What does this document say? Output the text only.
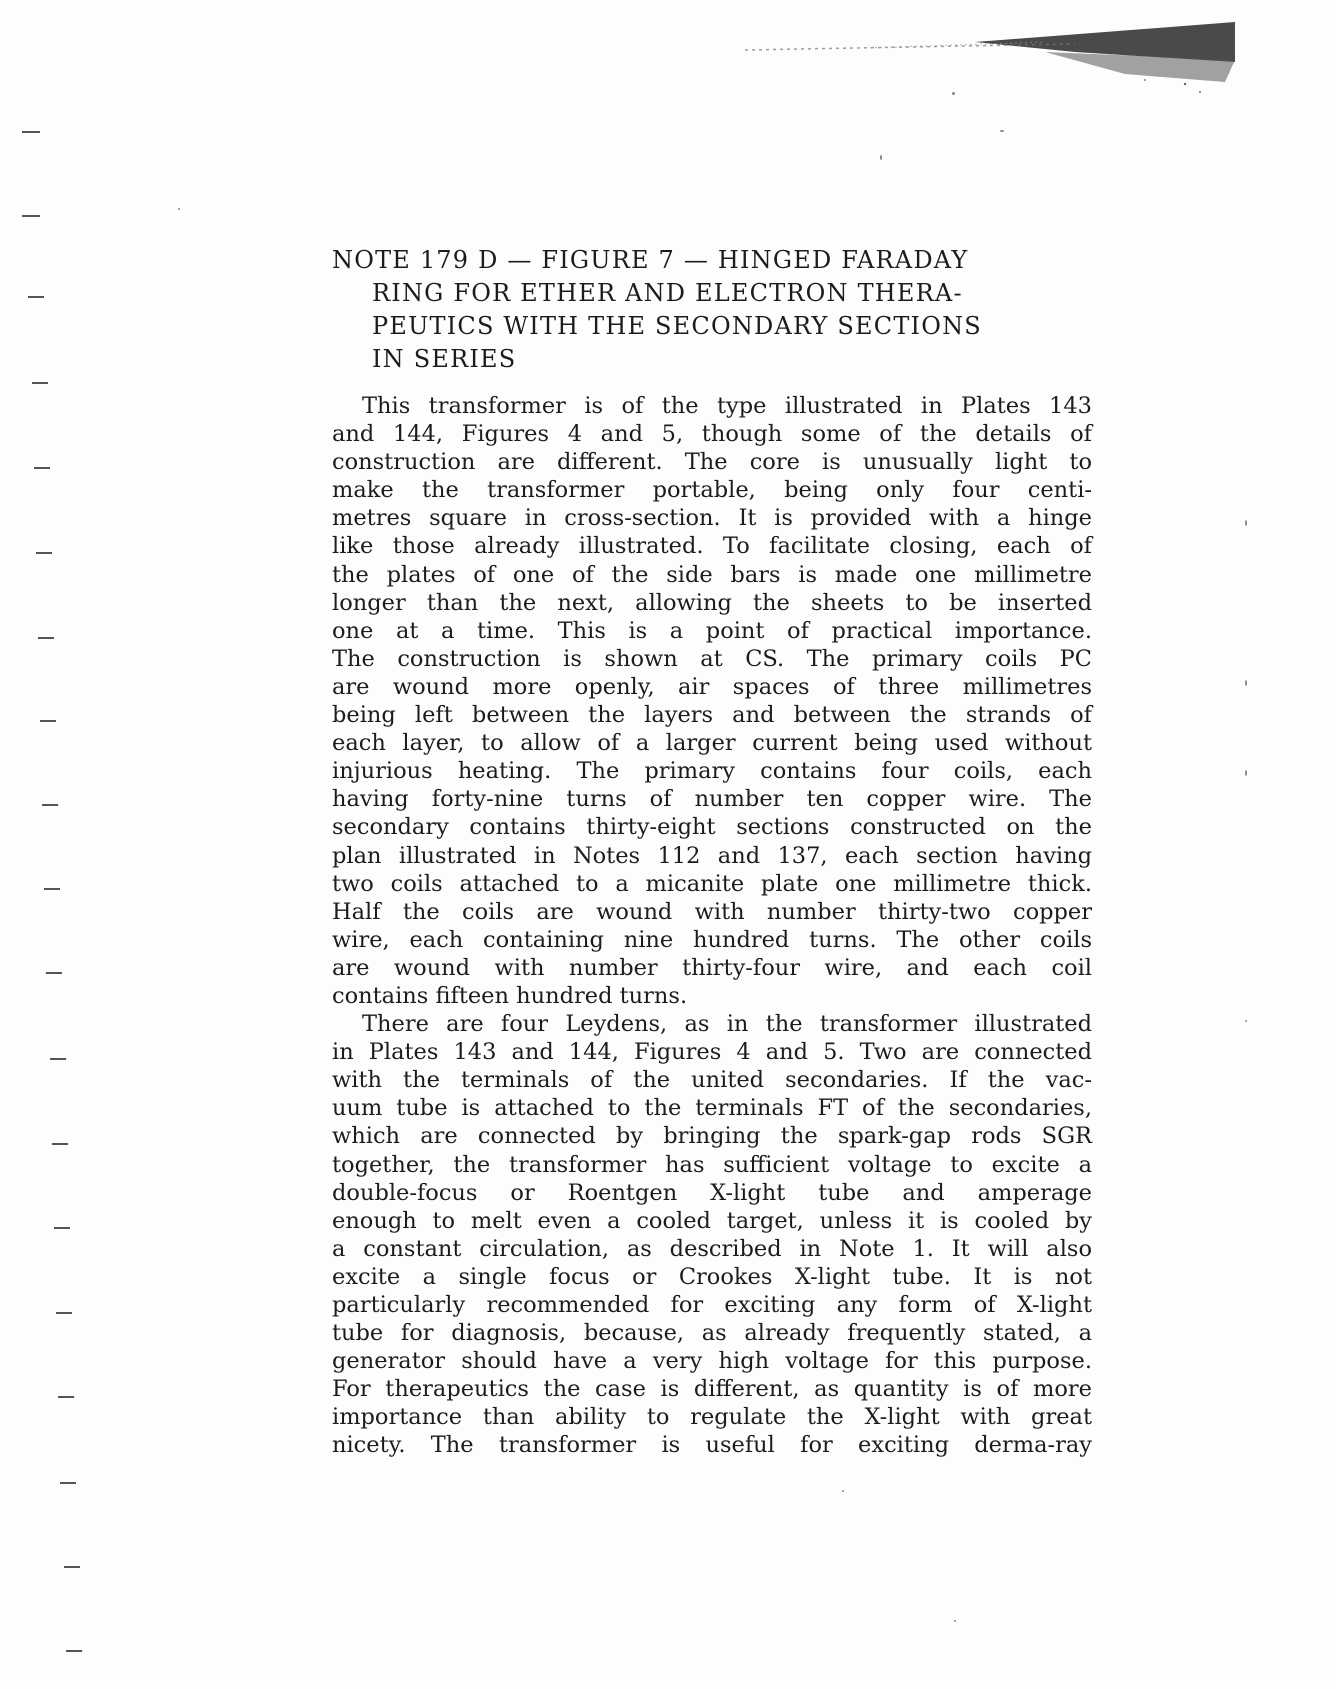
NOTE 179 D — FIGURE 7 — HINGED FARADAY
RING FOR ETHER AND ELECTRON THERA-
PEUTICS WITH THE SECONDARY SECTIONS
IN SERIES

This transformer is of the type illustrated in Plates 143
and 144, Figures 4 and 5, though some of the details of
construction are different. The core is unusually light to
make the transformer portable, being only four centi-
metres square in cross-section. It is provided with a hinge
like those already illustrated. To facilitate closing, each of
the plates of one of the side bars is made one millimetre
longer than the next, allowing the sheets to be inserted
one at a time. This is a point of practical importance.
The construction is shown at CS. The primary coils PC
are wound more openly, air spaces of three millimetres
being left between the layers and between the strands of
each layer, to allow of a larger current being used without
injurious heating. The primary contains four coils, each
having forty-nine turns of number ten copper wire. The
secondary contains thirty-eight sections constructed on the
plan illustrated in Notes 112 and 137, each section having
two coils attached to a micanite plate one millimetre thick.
Half the coils are wound with number thirty-two copper
wire, each containing nine hundred turns. The other coils
are wound with number thirty-four wire, and each coil
contains fifteen hundred turns.

There are four Leydens, as in the transformer illustrated
in Plates 143 and 144, Figures 4 and 5. Two are connected
with the terminals of the united secondaries. If the vac-
uum tube is attached to the terminals FT of the secondaries,
which are connected by bringing the spark-gap rods SGR
together, the transformer has sufficient voltage to excite a
double-focus or Roentgen X-light tube and amperage
enough to melt even a cooled target, unless it is cooled by
a constant circulation, as described in Note 1. It will also
excite a single focus or Crookes X-light tube. It is not
particularly recommended for exciting any form of X-light
tube for diagnosis, because, as already frequently stated, a
generator should have a very high voltage for this purpose.
For therapeutics the case is different, as quantity is of more
importance than ability to regulate the X-light with great
nicety. The transformer is useful for exciting derma-ray
